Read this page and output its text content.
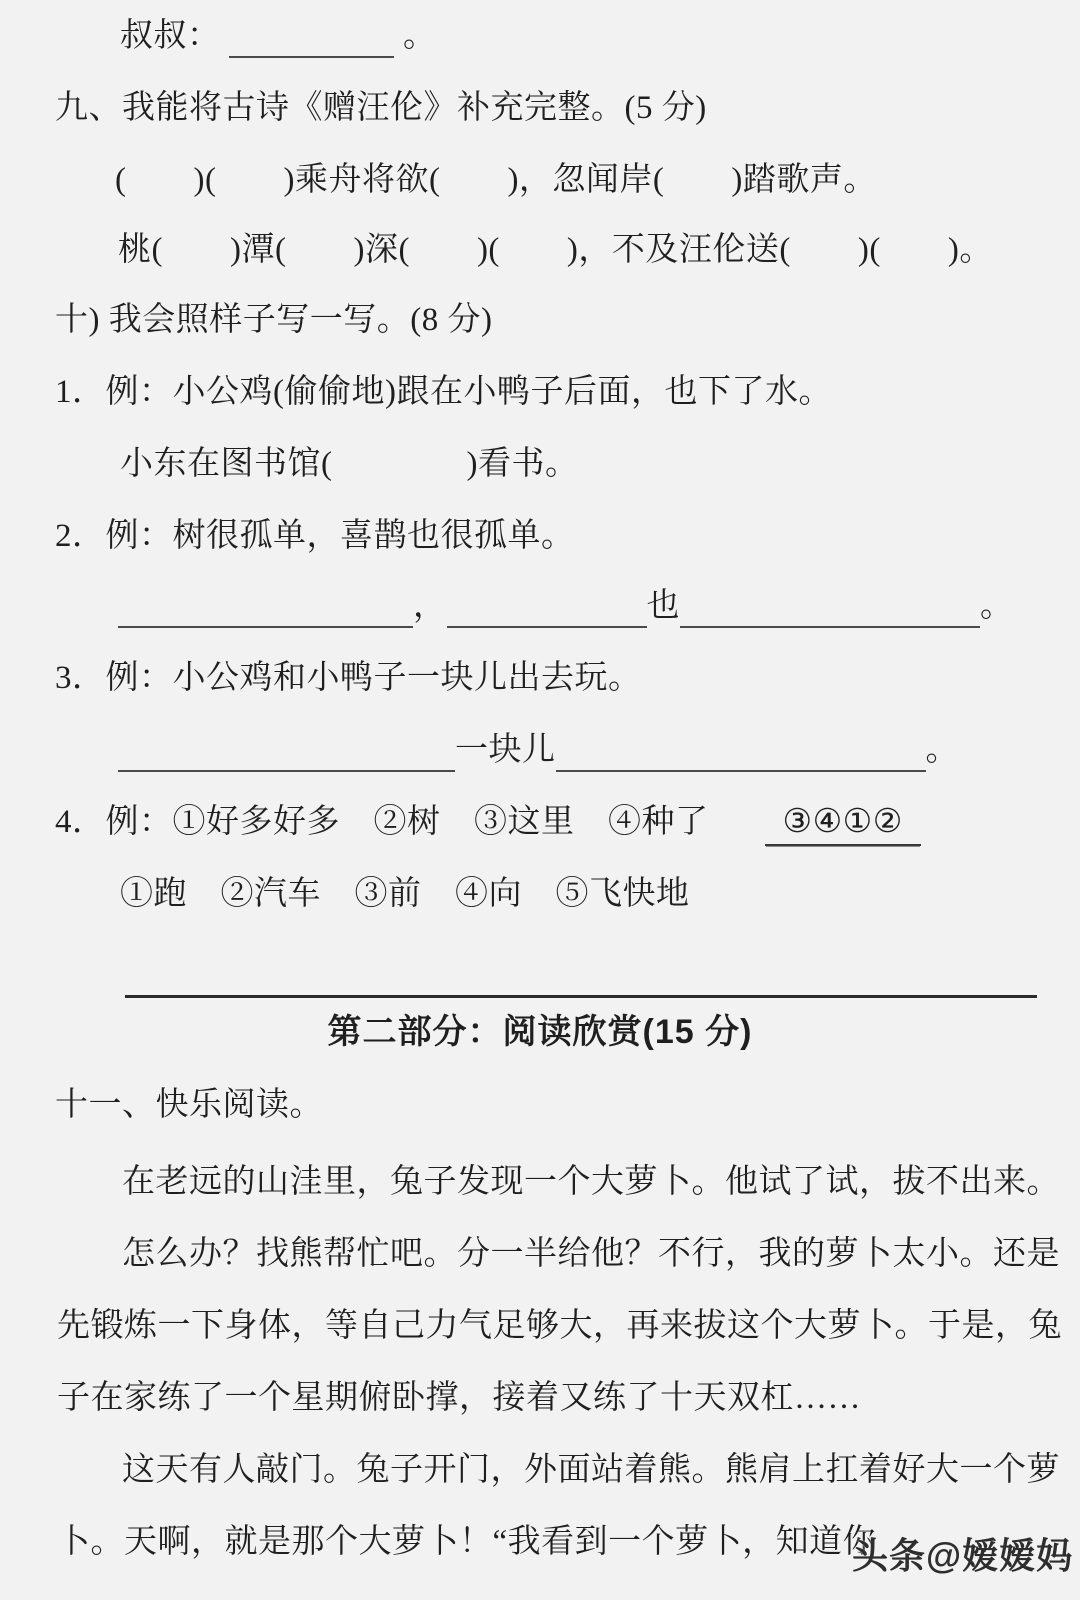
叔叔：	。
九、我能将古诗《赠汪伦》补充完整。(5 分)
(　　)(　　)乘舟将欲(　　)，忽闻岸(　　)踏歌声。
桃(　　)潭(　　)深(　　)(　　)，不及汪伦送(　　)(　　)。
十) 我会照样子写一写。(8 分)
1．例：小公鸡(偷偷地)跟在小鸭子后面，也下了水。
小东在图书馆(　　　　)看书。
2．例：树很孤单，喜鹊也很孤单。
，	也	。
3．例：小公鸡和小鸭子一块儿出去玩。
一块儿	。
4．例：①好多好多　②树　③这里　④种了 ③④①②
①跑　②汽车　③前　④向　⑤飞快地
第二部分：阅读欣赏(15 分)
十一、快乐阅读。
在老远的山洼里，兔子发现一个大萝卜。他试了试，拔不出来。
怎么办？找熊帮忙吧。分一半给他？不行，我的萝卜太小。还是
先锻炼一下身体，等自己力气足够大，再来拔这个大萝卜。于是，兔
子在家练了一个星期俯卧撑，接着又练了十天双杠……
这天有人敲门。兔子开门，外面站着熊。熊肩上扛着好大一个萝
卜。天啊，就是那个大萝卜！“我看到一个萝卜，知道你
头条@嫒嫒妈
